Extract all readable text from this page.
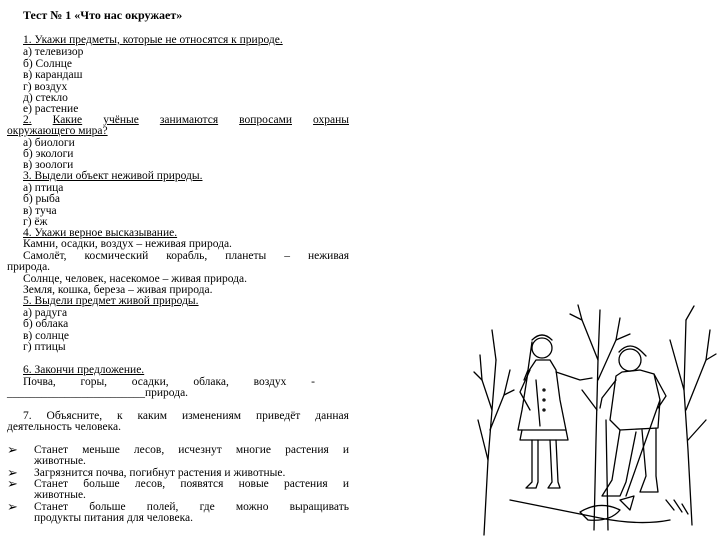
Тест № 1 «Что нас окружает»
1. Укажи предметы, которые не относятся к природе.
а) телевизор
б) Солнце
в) карандаш
г) воздух
д) стекло
е) растение
2. Какие учёные занимаются вопросами охраны
окружающего мира?
а) биологи
б) экологи
в) зоологи
3. Выдели объект неживой природы.
а) птица
б) рыба
в) туча
г) ёж
4. Укажи верное высказывание.
Камни, осадки, воздух – неживая природа.
Самолёт, космический корабль, планеты – неживая
природа.
Солнце, человек, насекомое – живая природа.
Земля, кошка, береза – живая природа.
5. Выдели предмет живой природы.
а) радуга
б) облака
в) солнце
г) птицы
6. Закончи предложение.
Почва, горы, осадки, облака, воздух -
________________________природа.
7. Объясните, к каким изменениям приведёт данная
деятельность человека.
➢ Станет меньше лесов, исчезнут многие растения и
животные.
➢ Загрязнится почва, погибнут растения и животные.
➢ Станет больше лесов, появятся новые растения и
животные.
➢ Станет больше полей, где можно выращивать
продукты питания для человека.
